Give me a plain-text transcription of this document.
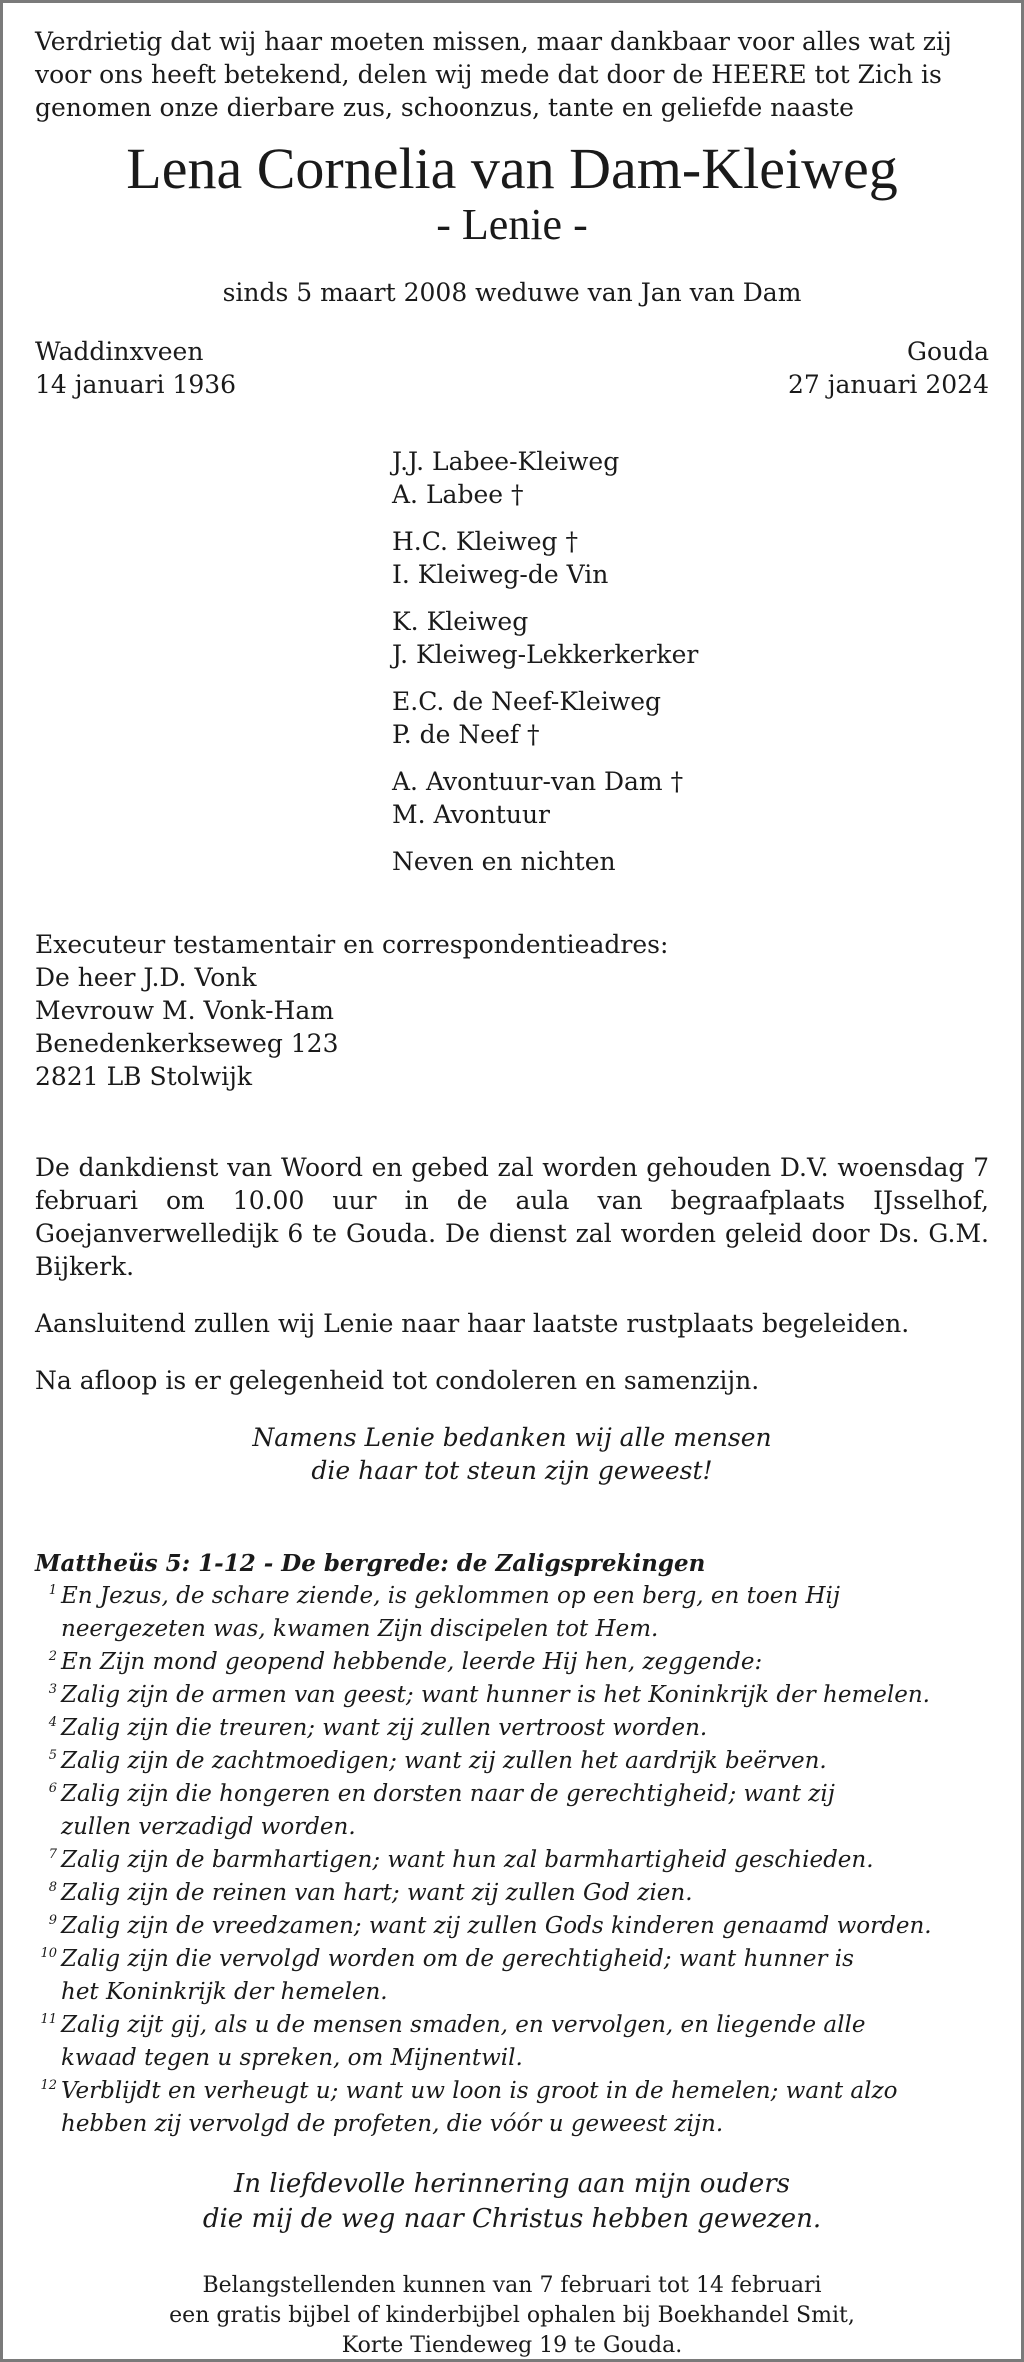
Verdrietig dat wij haar moeten missen, maar dankbaar voor alles wat zij

voor ons heeft betekend, delen wij mede dat door de HEERE tot Zich is

genomen onze dierbare zus, schoonzus, tante en geliefde naaste

Lena Cornelia van Dam-Kleiweg
- Lenie -
sinds 5 maart 2008 weduwe van Jan van Dam
Waddinxveen
14 januari 1936
Gouda
27 januari 2024
J.J. Labee-Kleiweg
A. Labee †
H.C. Kleiweg †
I. Kleiweg-de Vin
K. Kleiweg
J. Kleiweg-Lekkerkerker
E.C. de Neef-Kleiweg
P. de Neef †
A. Avontuur-van Dam †
M. Avontuur
Neven en nichten
Executeur testamentair en correspondentieadres:
De heer J.D. Vonk
Mevrouw M. Vonk-Ham
Benedenkerkseweg 123
2821 LB Stolwijk

De dankdienst van Woord en gebed zal worden gehouden D.V. woensdag 7 februari om 10.00 uur in de aula van begraafplaats IJsselhof, Goejanverwelledijk 6 te Gouda. De dienst zal worden geleid door Ds. G.M. Bijkerk.

Aansluitend zullen wij Lenie naar haar laatste rustplaats begeleiden.

Na afloop is er gelegenheid tot condoleren en samenzijn.

Namens Lenie bedanken wij alle mensen
die haar tot steun zijn geweest!
Mattheüs 5: 1-12 - De bergrede: de Zaligsprekingen
1 En Jezus, de schare ziende, is geklommen op een berg, en toen Hij
neergezeten was, kwamen Zijn discipelen tot Hem.
2 En Zijn mond geopend hebbende, leerde Hij hen, zeggende:
3 Zalig zijn de armen van geest; want hunner is het Koninkrijk der hemelen.
4 Zalig zijn die treuren; want zij zullen vertroost worden.
5 Zalig zijn de zachtmoedigen; want zij zullen het aardrijk beërven.
6 Zalig zijn die hongeren en dorsten naar de gerechtigheid; want zij
zullen verzadigd worden.
7 Zalig zijn de barmhartigen; want hun zal barmhartigheid geschieden.
8 Zalig zijn de reinen van hart; want zij zullen God zien.
9 Zalig zijn de vreedzamen; want zij zullen Gods kinderen genaamd worden.
10 Zalig zijn die vervolgd worden om de gerechtigheid; want hunner is
het Koninkrijk der hemelen.
11 Zalig zijt gij, als u de mensen smaden, en vervolgen, en liegende alle
kwaad tegen u spreken, om Mijnentwil.
12 Verblijdt en verheugt u; want uw loon is groot in de hemelen; want alzo
hebben zij vervolgd de profeten, die vóór u geweest zijn.
In liefdevolle herinnering aan mijn ouders
die mij de weg naar Christus hebben gewezen.
Belangstellenden kunnen van 7 februari tot 14 februari
een gratis bijbel of kinderbijbel ophalen bij Boekhandel Smit,
Korte Tiendeweg 19 te Gouda.
